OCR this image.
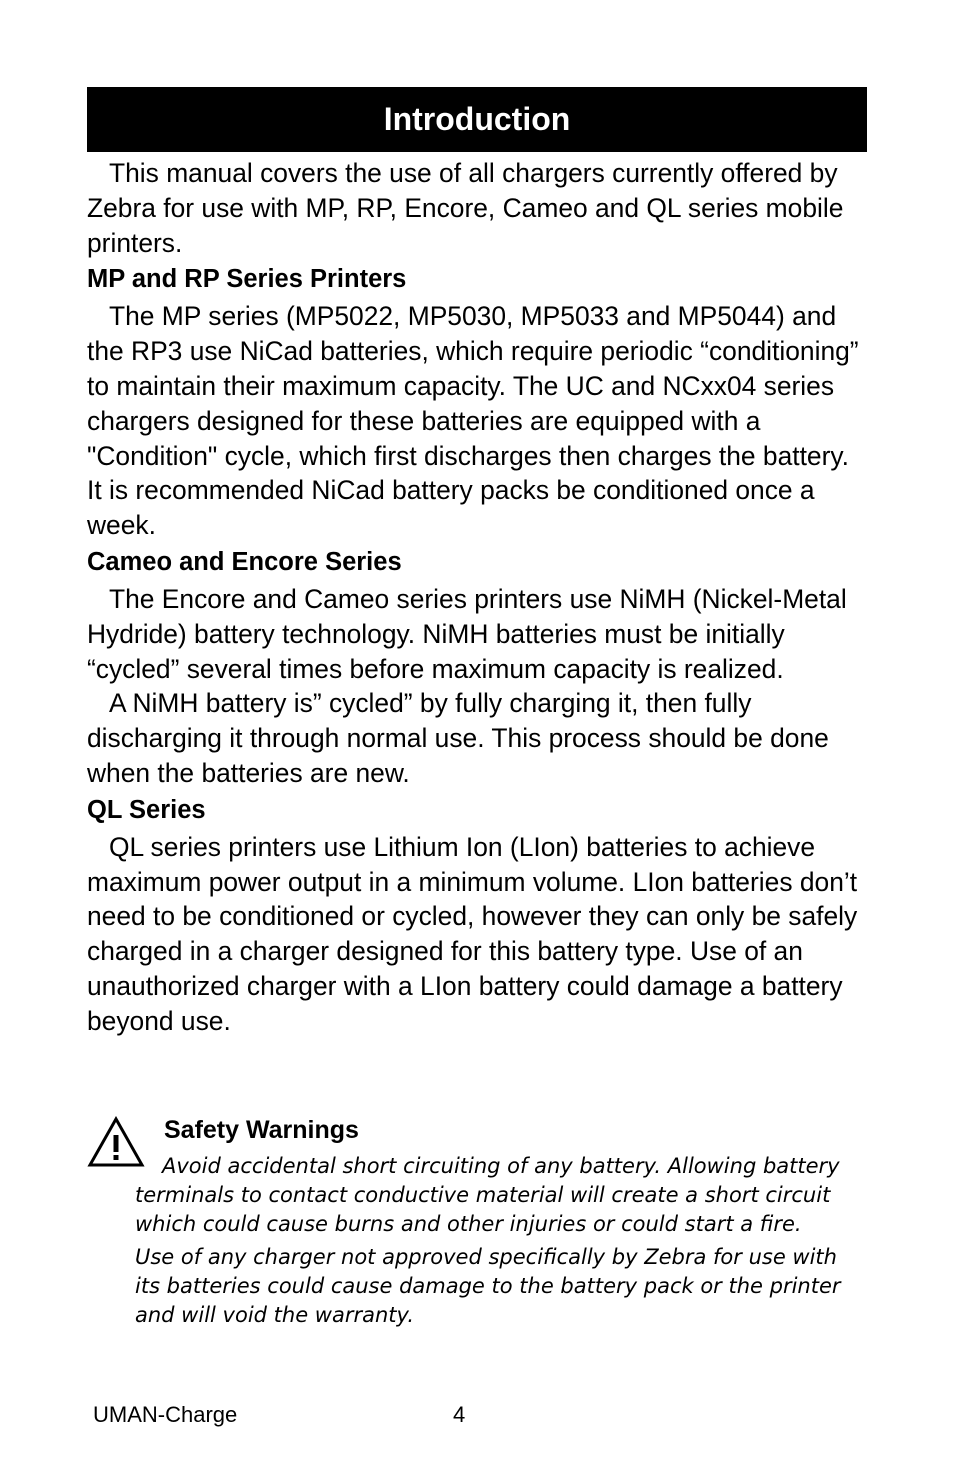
Introduction

This manual covers the use of all chargers currently offered by Zebra for use with MP, RP, Encore, Cameo and QL series mobile printers.

MP and RP Series Printers

The MP series (MP5022, MP5030, MP5033 and MP5044) and the RP3 use NiCad batteries, which require periodic “conditioning” to maintain their maximum capacity. The UC and NCxx04 series chargers designed for these batteries are equipped with a "Condition" cycle, which first discharges then charges the battery. It is recommended NiCad battery packs be conditioned once a week.

Cameo and Encore Series

The Encore and Cameo series printers use NiMH (Nickel-Metal Hydride) battery technology. NiMH batteries must be initially “cycled” several times before maximum capacity is realized.

A NiMH battery is” cycled” by fully charging it, then fully discharging it through normal use. This process should be done when the batteries are new.

QL Series

QL series printers use Lithium Ion (LIon) batteries to achieve maximum power output in a minimum volume. LIon batteries don’t need to be conditioned or cycled, however they can only be safely charged in a charger designed for this battery type. Use of an unauthorized charger with a LIon battery could damage a battery beyond use.

Safety Warnings

Avoid accidental short circuiting of any battery. Allowing battery terminals to contact conductive material will create a short circuit which could cause burns and other injuries or could start a fire.

Use of any charger not approved specifically by Zebra for use with its batteries could cause damage to the battery pack or the printer and will void the warranty.

UMAN-Charge	4
